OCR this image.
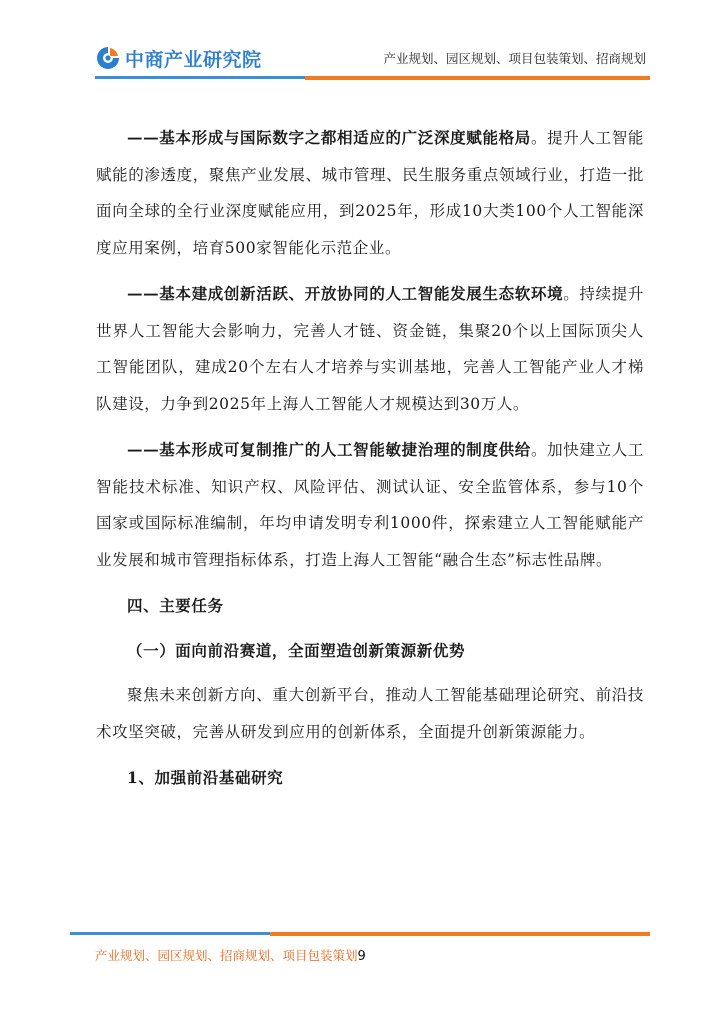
中商产业研究院	产业规划、园区规划、项目包装策划、招商规划

——基本形成与国际数字之都相适应的广泛深度赋能格局。提升人工智能赋能的渗透度，聚焦产业发展、城市管理、民生服务重点领域行业，打造一批面向全球的全行业深度赋能应用，到2025年，形成10大类100个人工智能深度应用案例，培育500家智能化示范企业。

——基本建成创新活跃、开放协同的人工智能发展生态软环境。持续提升世界人工智能大会影响力，完善人才链、资金链，集聚20个以上国际顶尖人工智能团队，建成20个左右人才培养与实训基地，完善人工智能产业人才梯队建设，力争到2025年上海人工智能人才规模达到30万人。

——基本形成可复制推广的人工智能敏捷治理的制度供给。加快建立人工智能技术标准、知识产权、风险评估、测试认证、安全监管体系，参与10个国家或国际标准编制，年均申请发明专利1000件，探索建立人工智能赋能产业发展和城市管理指标体系，打造上海人工智能“融合生态”标志性品牌。

四、主要任务
（一）面向前沿赛道，全面塑造创新策源新优势

聚焦未来创新方向、重大创新平台，推动人工智能基础理论研究、前沿技术攻坚突破，完善从研发到应用的创新体系，全面提升创新策源能力。

1、加强前沿基础研究
产业规划、园区规划、招商规划、项目包装策划9
